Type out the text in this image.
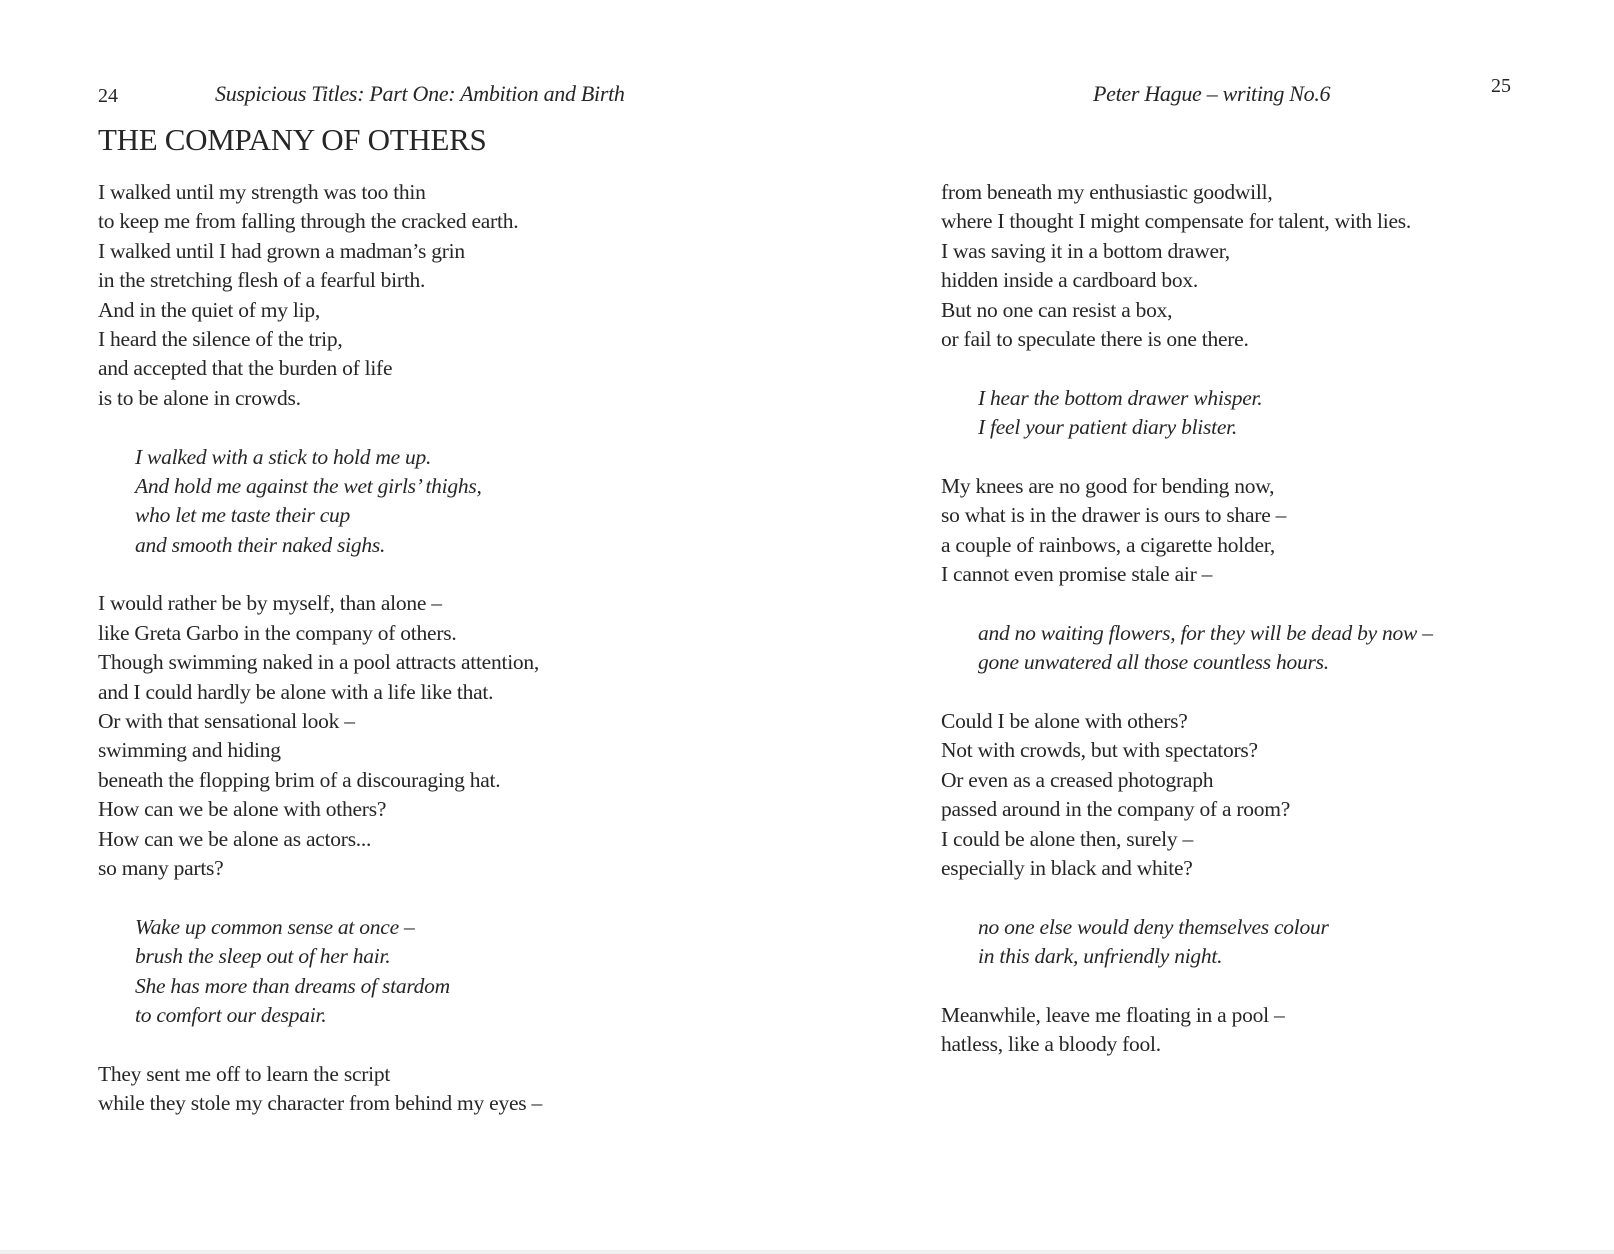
24	Suspicious Titles: Part One: Ambition and Birth
THE COMPANY OF OTHERS
I walked until my strength was too thin
to keep me from falling through the cracked earth.
I walked until I had grown a madman’s grin
in the stretching flesh of a fearful birth.
And in the quiet of my lip,
I heard the silence of the trip,
and accepted that the burden of life
is to be alone in crowds.
I walked with a stick to hold me up.
And hold me against the wet girls’ thighs,
who let me taste their cup
and smooth their naked sighs.
I would rather be by myself, than alone –
like Greta Garbo in the company of others.
Though swimming naked in a pool attracts attention,
and I could hardly be alone with a life like that.
Or with that sensational look –
swimming and hiding
beneath the flopping brim of a discouraging hat.
How can we be alone with others?
How can we be alone as actors...
so many parts?
Wake up common sense at once –
brush the sleep out of her hair.
She has more than dreams of stardom
to comfort our despair.
They sent me off to learn the script
while they stole my character from behind my eyes –
Peter Hague – writing No.6	25
from beneath my enthusiastic goodwill,
where I thought I might compensate for talent, with lies.
I was saving it in a bottom drawer,
hidden inside a cardboard box.
But no one can resist a box,
or fail to speculate there is one there.
I hear the bottom drawer whisper.
I feel your patient diary blister.
My knees are no good for bending now,
so what is in the drawer is ours to share –
a couple of rainbows, a cigarette holder,
I cannot even promise stale air –
and no waiting flowers, for they will be dead by now –
gone unwatered all those countless hours.
Could I be alone with others?
Not with crowds, but with spectators?
Or even as a creased photograph
passed around in the company of a room?
I could be alone then, surely –
especially in black and white?
no one else would deny themselves colour
in this dark, unfriendly night.
Meanwhile, leave me floating in a pool –
hatless, like a bloody fool.
